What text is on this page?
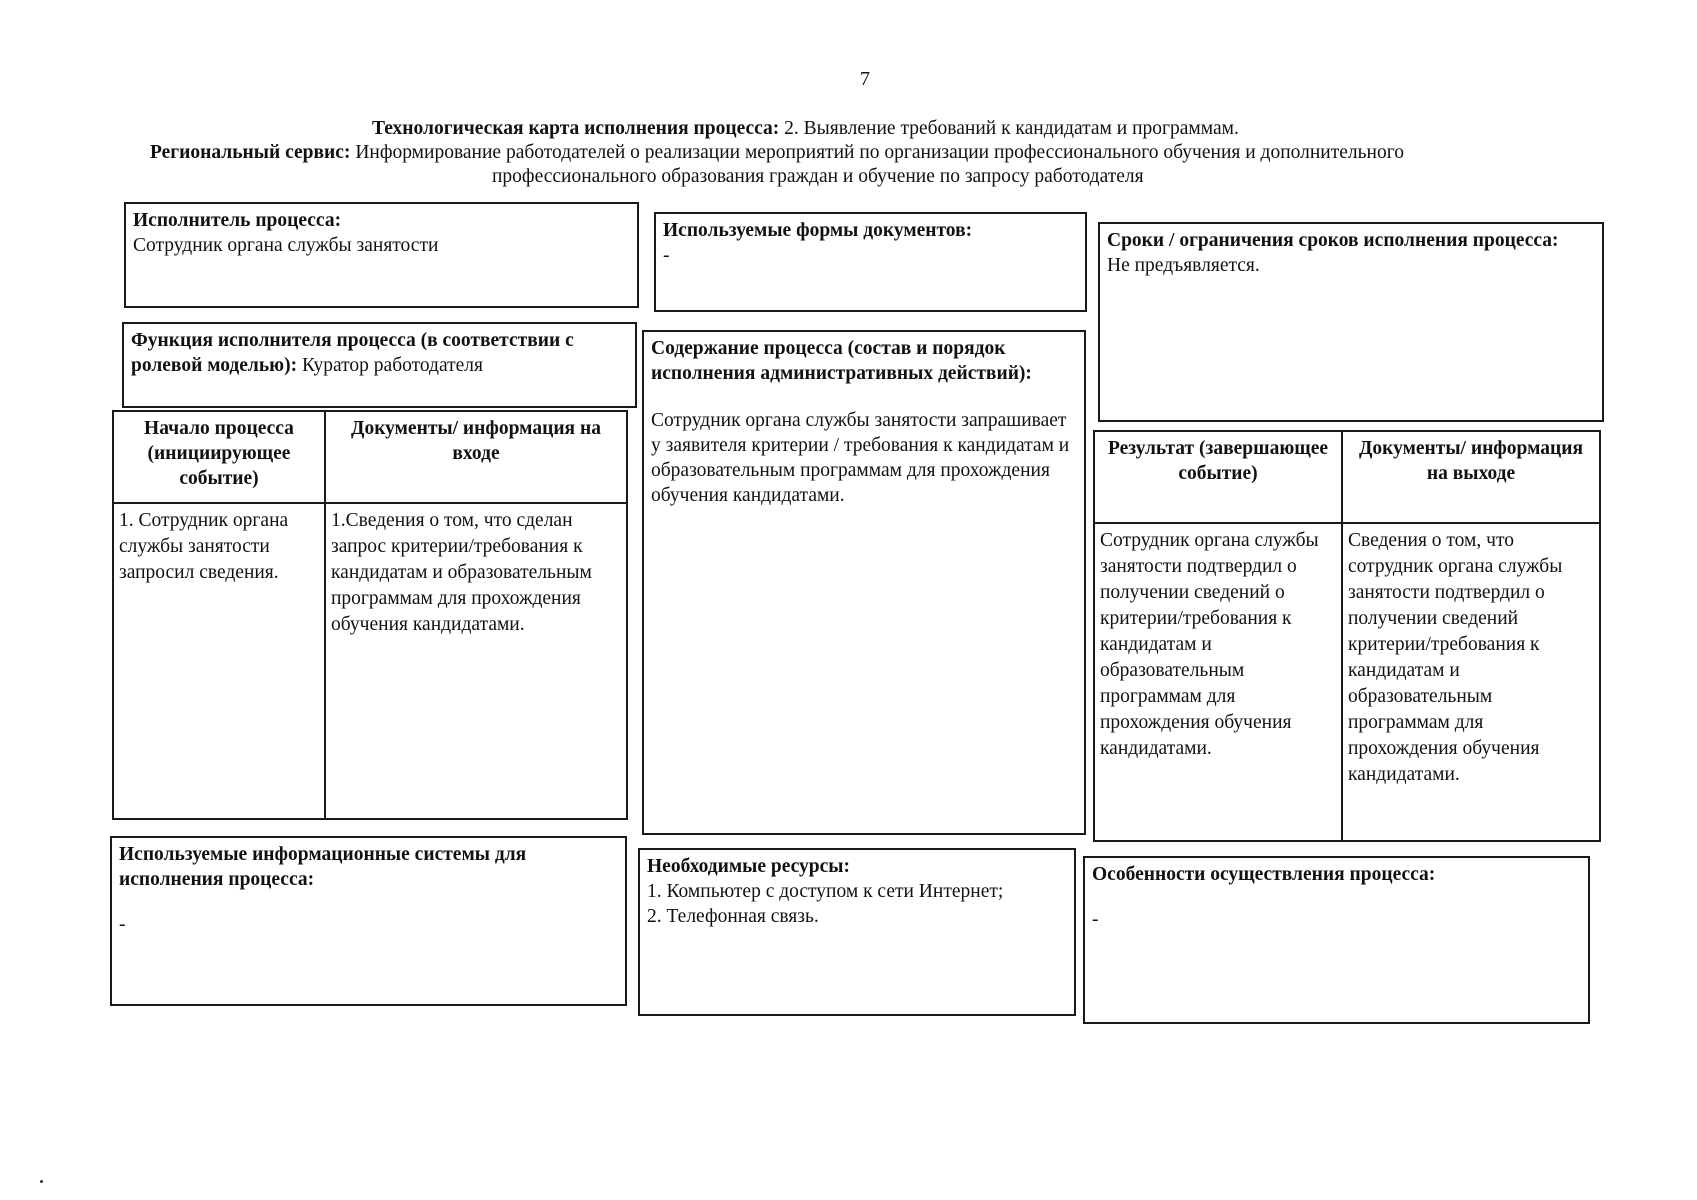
7
Технологическая карта исполнения процесса: 2. Выявление требований к кандидатам и программам.
Региональный сервис: Информирование работодателей о реализации мероприятий по организации профессионального обучения и дополнительного
профессионального образования граждан и обучение по запросу работодателя
Исполнитель процесса:
Сотрудник органа службы занятости
Функция исполнителя процесса (в соответствии с ролевой моделью): Куратор работодателя
Начало процесса (инициирующее событие)	Документы/ информация на входе
1. Сотрудник органа службы занятости запросил сведения.	1.Сведения о том, что сделан запрос критерии/требования к кандидатам и образовательным программам для прохождения обучения кандидатами.
Используемые информационные системы для исполнения процесса:
-
Используемые формы документов:
-
Содержание процесса (состав и порядок исполнения административных действий):
Сотрудник органа службы занятости запрашивает у заявителя критерии / требования к кандидатам и образовательным программам для прохождения обучения кандидатами.
Необходимые ресурсы:
1. Компьютер с доступом к сети Интернет;
2. Телефонная связь.
Сроки / ограничения сроков исполнения процесса:
Не предъявляется.
Результат (завершающее событие)	Документы/ информация на выходе
Сотрудник органа службы занятости подтвердил о получении сведений о критерии/требования к кандидатам и образовательным программам для прохождения обучения кандидатами.	Сведения о том, что сотрудник органа службы занятости подтвердил о получении сведений критерии/требования к кандидатам и образовательным программам для прохождения обучения кандидатами.
Особенности осуществления процесса:
-
